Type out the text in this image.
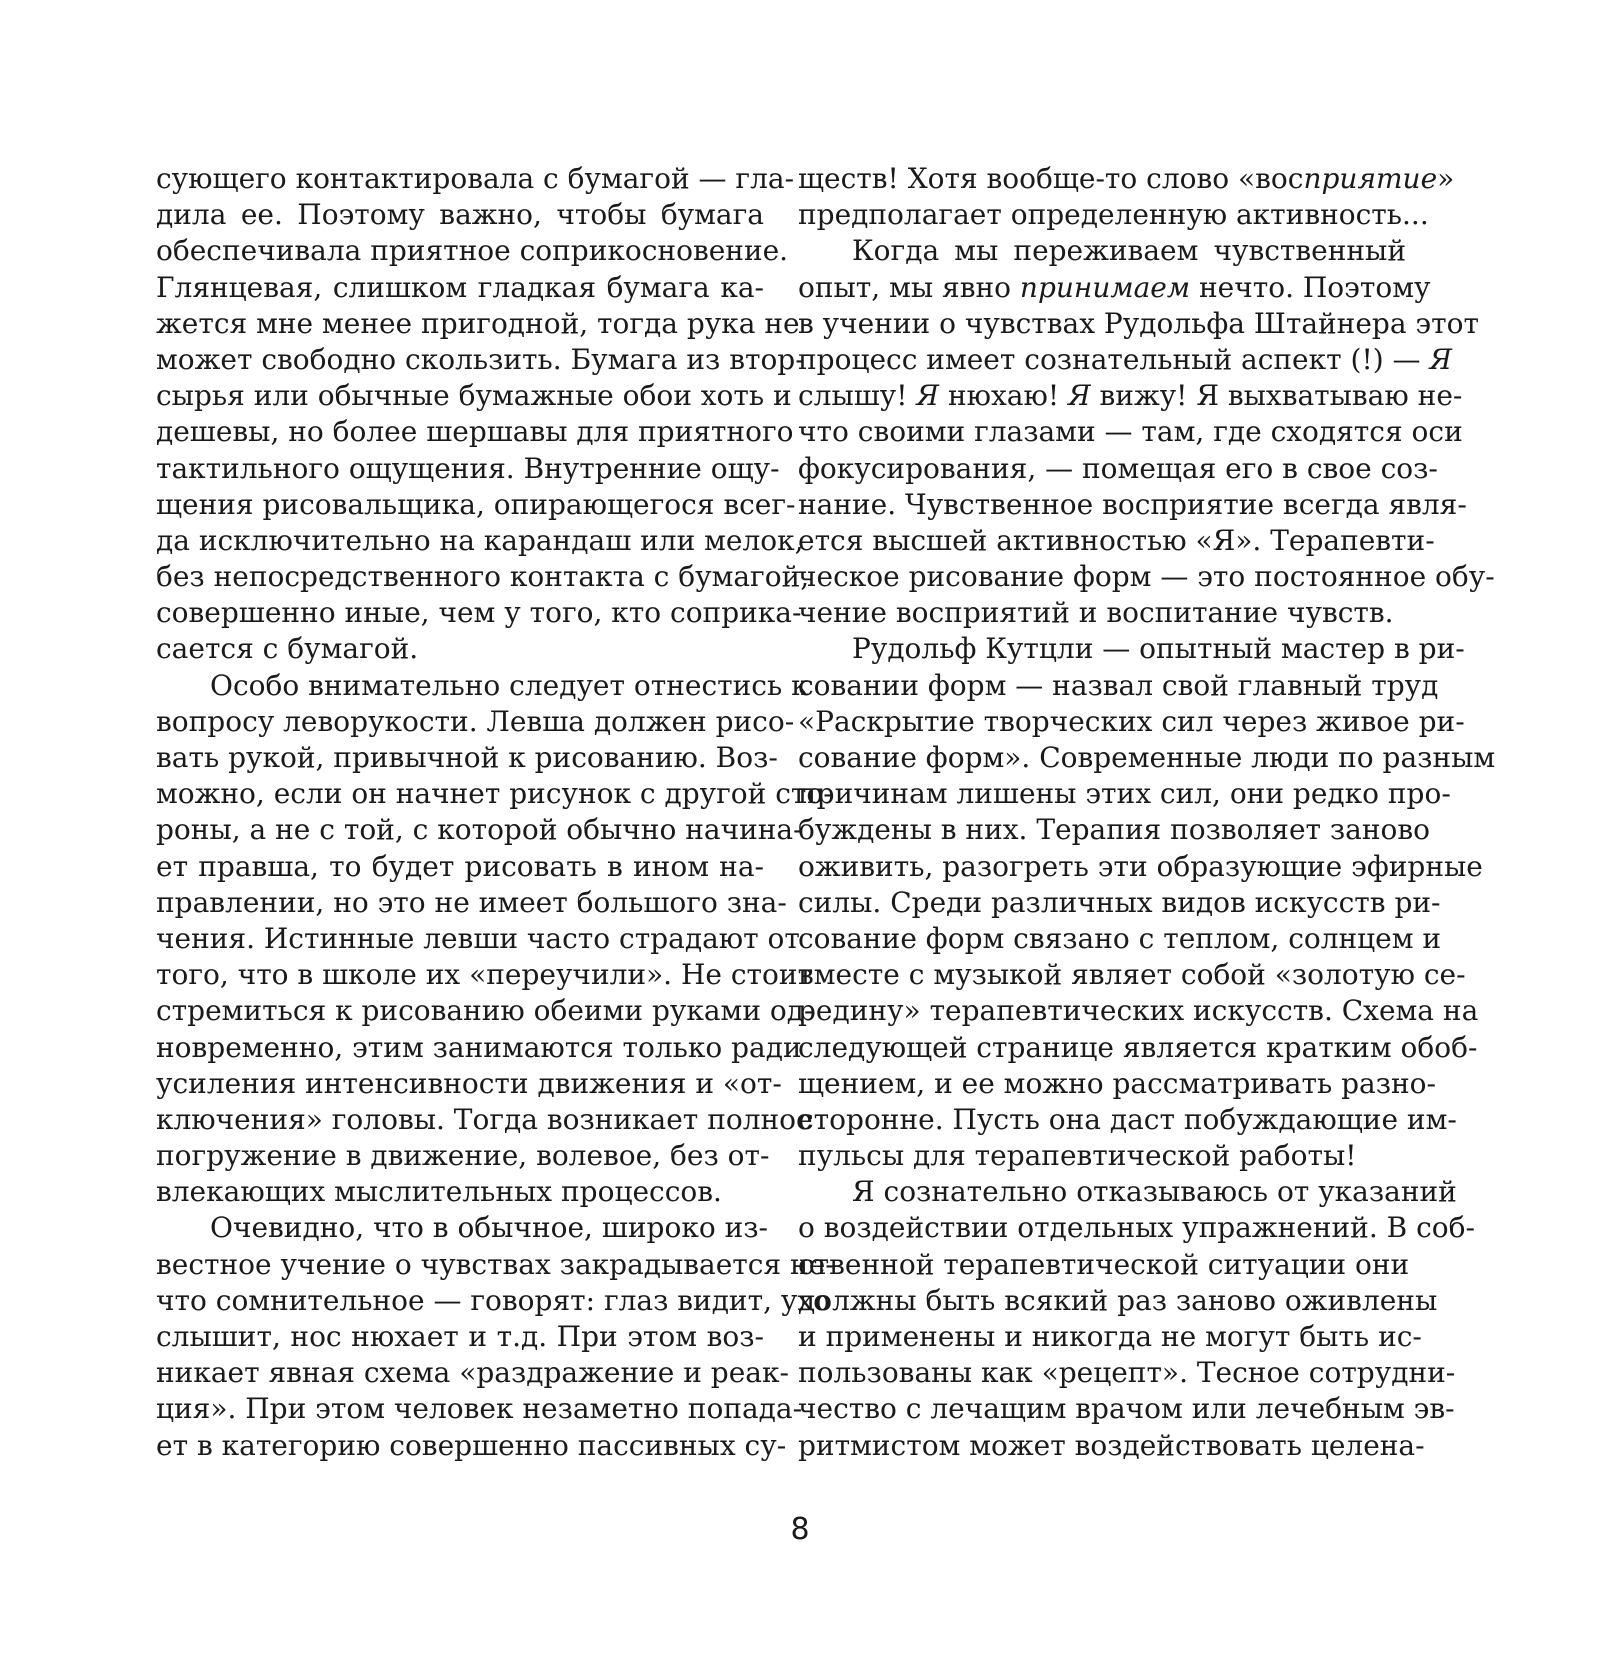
сующего контактировала с бумагой — гла-
дила ее. Поэтому важно, чтобы бумага
обеспечивала приятное соприкосновение.
Глянцевая, слишком гладкая бумага ка-
жется мне менее пригодной, тогда рука не
может свободно скользить. Бумага из втор-
сырья или обычные бумажные обои хоть и
дешевы, но более шершавы для приятного
тактильного ощущения. Внутренние ощу-
щения рисовальщика, опирающегося всег-
да исключительно на карандаш или мелок,
без непосредственного контакта с бумагой,
совершенно иные, чем у того, кто соприка-
сается с бумагой.
Особо внимательно следует отнестись к
вопросу леворукости. Левша должен рисо-
вать рукой, привычной к рисованию. Воз-
можно, если он начнет рисунок с другой сто-
роны, а не с той, с которой обычно начина-
ет правша, то будет рисовать в ином на-
правлении, но это не имеет большого зна-
чения. Истинные левши часто страдают от
того, что в школе их «переучили». Не стоит
стремиться к рисованию обеими руками од-
новременно, этим занимаются только ради
усиления интенсивности движения и «от-
ключения» головы. Тогда возникает полное
погружение в движение, волевое, без от-
влекающих мыслительных процессов.
Очевидно, что в обычное, широко из-
вестное учение о чувствах закрадывается не-
что сомнительное — говорят: глаз видит, ухо
слышит, нос нюхает и т.д. При этом воз-
никает явная схема «раздражение и реак-
ция». При этом человек незаметно попада-
ет в категорию совершенно пассивных су-
ществ! Хотя вообще-то слово «восприятие»
предполагает определенную активность...
Когда мы переживаем чувственный
опыт, мы явно принимаем нечто. Поэтому
в учении о чувствах Рудольфа Штайнера этот
процесс имеет сознательный аспект (!) — Я
слышу! Я нюхаю! Я вижу! Я выхватываю не-
что своими глазами — там, где сходятся оси
фокусирования, — помещая его в свое соз-
нание. Чувственное восприятие всегда явля-
ется высшей активностью «Я». Терапевти-
ческое рисование форм — это постоянное обу-
чение восприятий и воспитание чувств.
Рудольф Кутцли — опытный мастер в ри-
совании форм — назвал свой главный труд
«Раскрытие творческих сил через живое ри-
сование форм». Современные люди по разным
причинам лишены этих сил, они редко про-
буждены в них. Терапия позволяет заново
оживить, разогреть эти образующие эфирные
силы. Среди различных видов искусств ри-
сование форм связано с теплом, солнцем и
вместе с музыкой являет собой «золотую се-
редину» терапевтических искусств. Схема на
следующей странице является кратким обоб-
щением, и ее можно рассматривать разно-
сторонне. Пусть она даст побуждающие им-
пульсы для терапевтической работы!
Я сознательно отказываюсь от указаний
о воздействии отдельных упражнений. В соб-
ственной терапевтической ситуации они
должны быть всякий раз заново оживлены
и применены и никогда не могут быть ис-
пользованы как «рецепт». Тесное сотрудни-
чество с лечащим врачом или лечебным эв-
ритмистом может воздействовать целена-
8
